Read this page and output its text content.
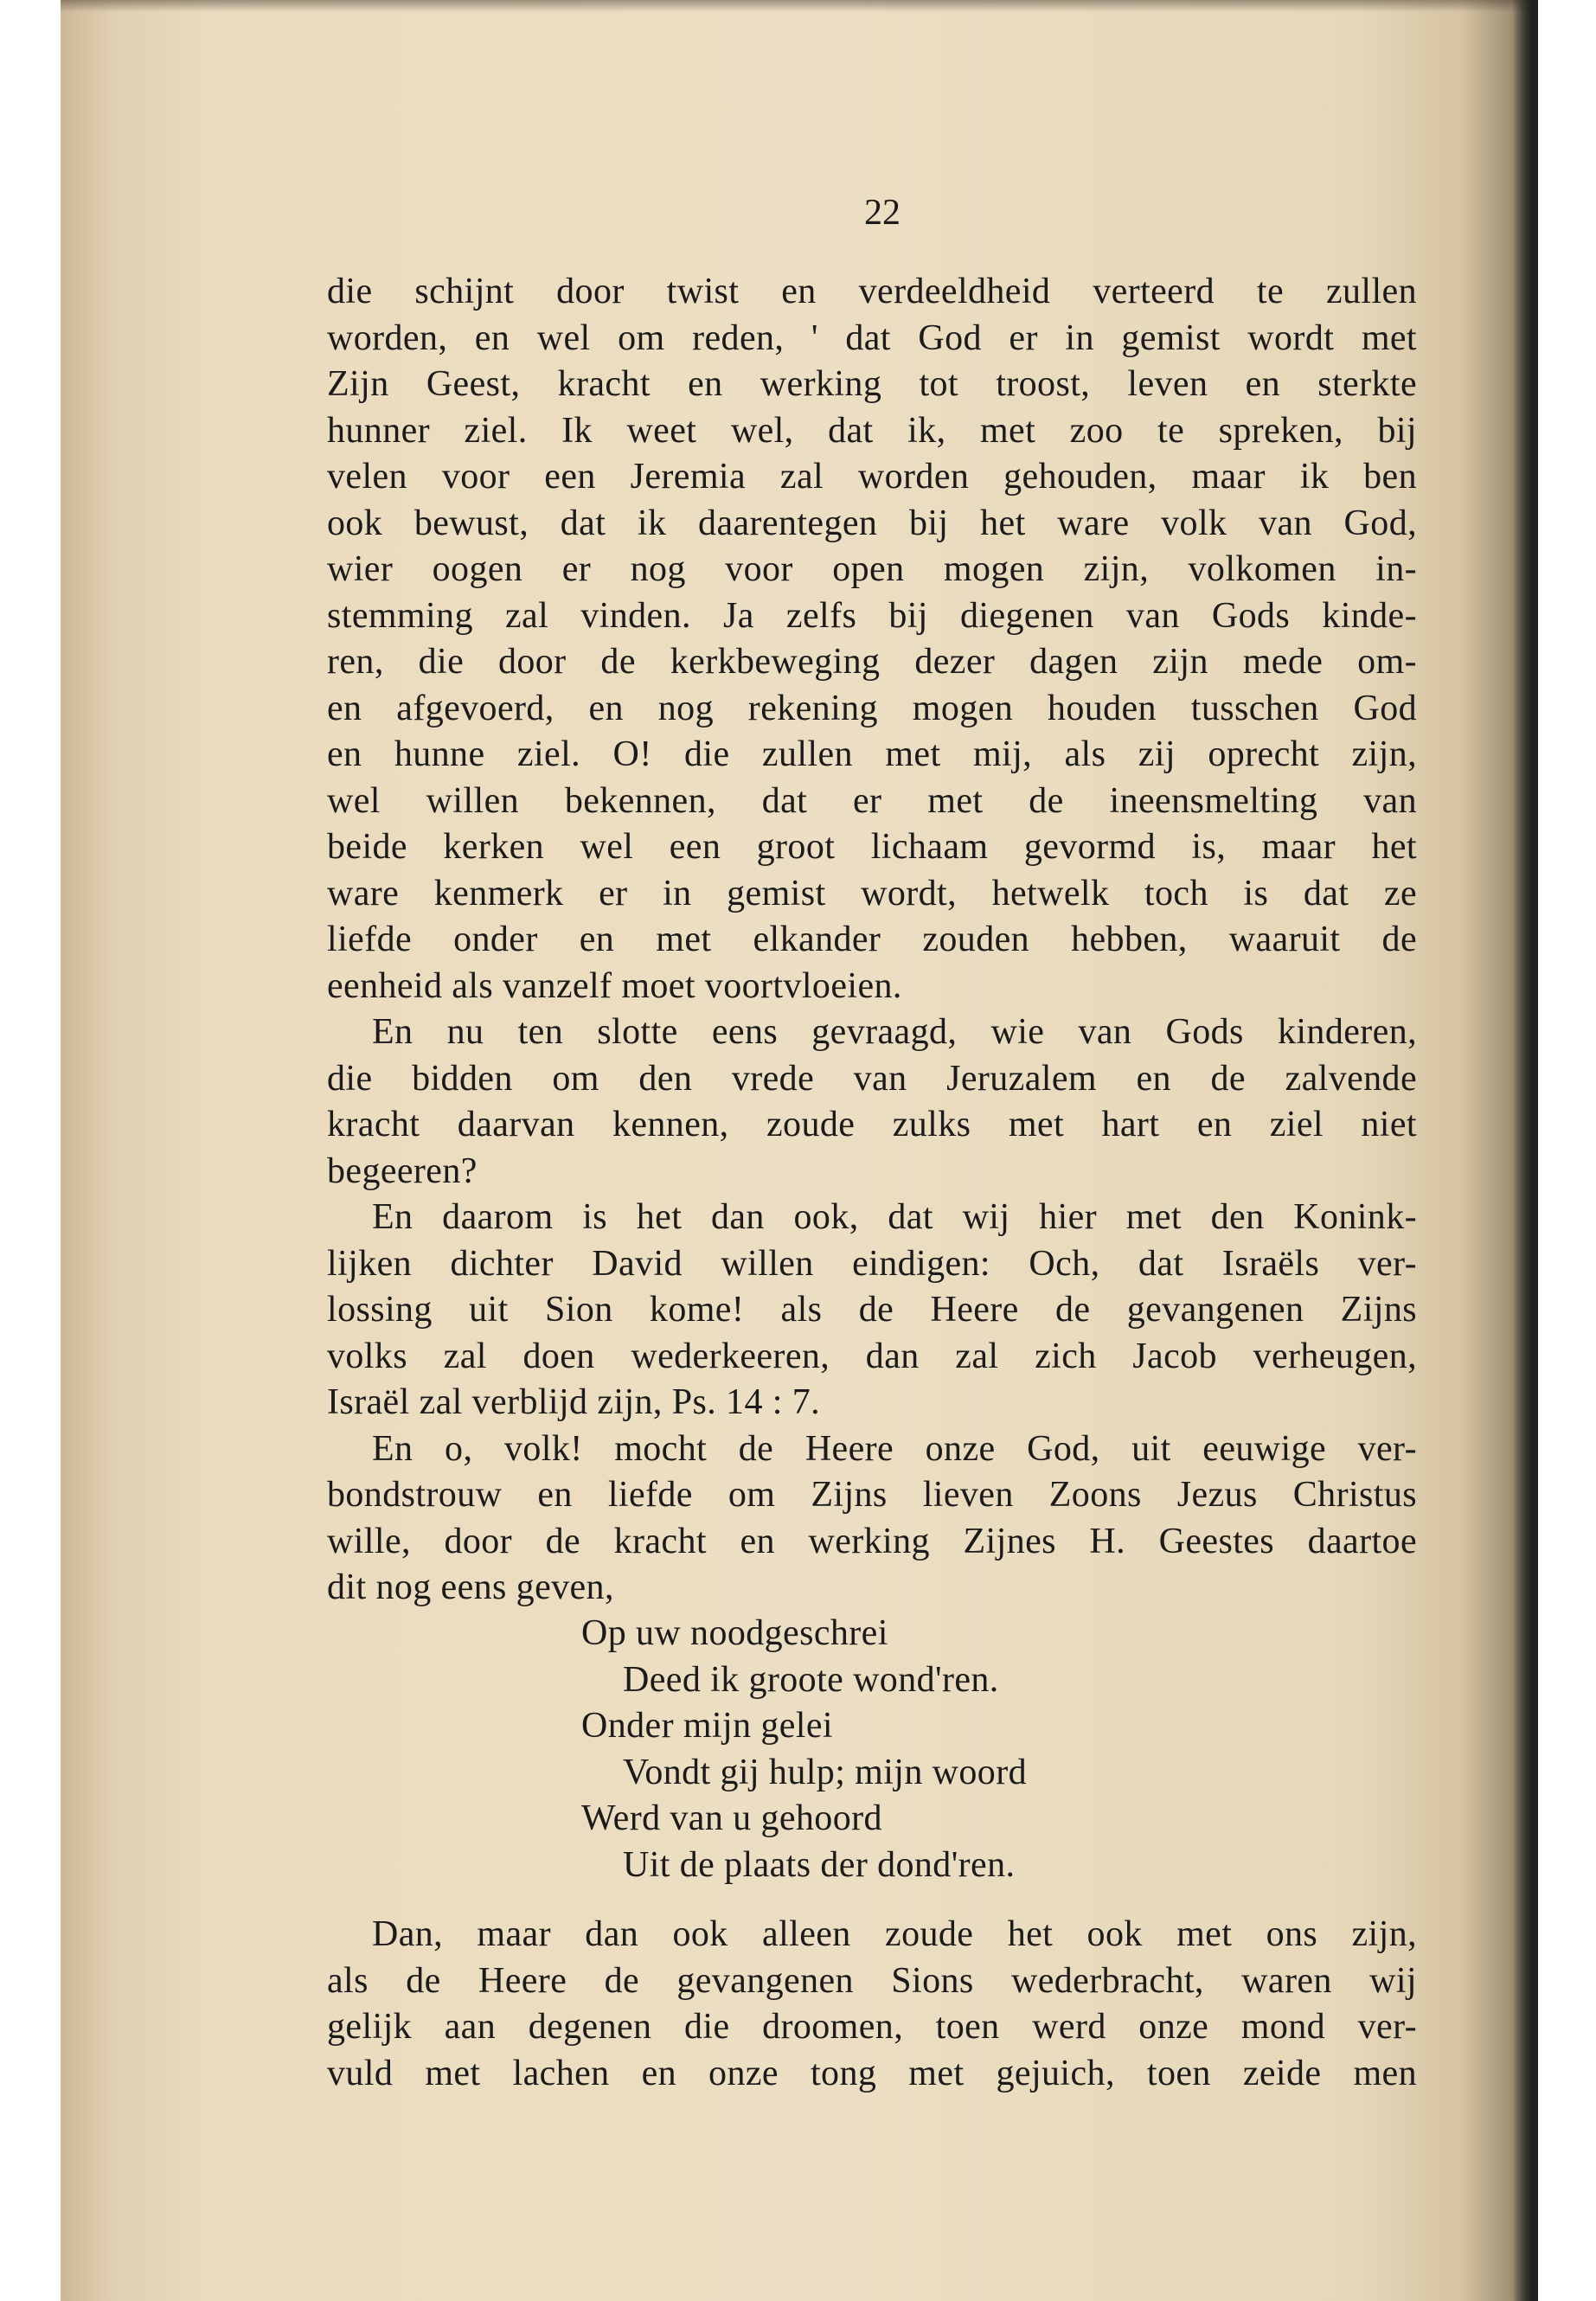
22
die schijnt door twist en verdeeldheid verteerd te zullen
worden, en wel om reden, ' dat God er in gemist wordt met
Zijn Geest, kracht en werking tot troost, leven en sterkte
hunner ziel. Ik weet wel, dat ik, met zoo te spreken, bij
velen voor een Jeremia zal worden gehouden, maar ik ben
ook bewust, dat ik daarentegen bij het ware volk van God,
wier oogen er nog voor open mogen zijn, volkomen in-
stemming zal vinden. Ja zelfs bij diegenen van Gods kinde-
ren, die door de kerkbeweging dezer dagen zijn mede om-
en afgevoerd, en nog rekening mogen houden tusschen God
en hunne ziel. O! die zullen met mij, als zij oprecht zijn,
wel willen bekennen, dat er met de ineensmelting van
beide kerken wel een groot lichaam gevormd is, maar het
ware kenmerk er in gemist wordt, hetwelk toch is dat ze
liefde onder en met elkander zouden hebben, waaruit de
eenheid als vanzelf moet voortvloeien.
En nu ten slotte eens gevraagd, wie van Gods kinderen,
die bidden om den vrede van Jeruzalem en de zalvende
kracht daarvan kennen, zoude zulks met hart en ziel niet
begeeren?
En daarom is het dan ook, dat wij hier met den Konink-
lijken dichter David willen eindigen: Och, dat Israëls ver-
lossing uit Sion kome! als de Heere de gevangenen Zijns
volks zal doen wederkeeren, dan zal zich Jacob verheugen,
Israël zal verblijd zijn, Ps. 14 : 7.
En o, volk! mocht de Heere onze God, uit eeuwige ver-
bondstrouw en liefde om Zijns lieven Zoons Jezus Christus
wille, door de kracht en werking Zijnes H. Geestes daartoe
dit nog eens geven,
Op uw noodgeschrei
Deed ik groote wond'ren.
Onder mijn gelei
Vondt gij hulp; mijn woord
Werd van u gehoord
Uit de plaats der dond'ren.
Dan, maar dan ook alleen zoude het ook met ons zijn,
als de Heere de gevangenen Sions wederbracht, waren wij
gelijk aan degenen die droomen, toen werd onze mond ver-
vuld met lachen en onze tong met gejuich, toen zeide men
